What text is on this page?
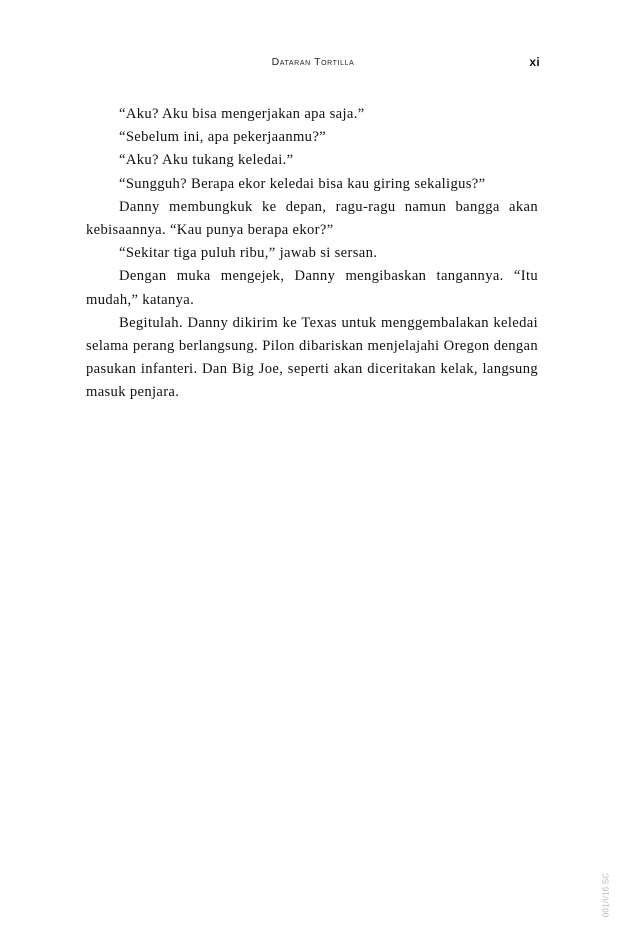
Dataran Tortilla	xi

“Aku? Aku bisa mengerjakan apa saja.”

“Sebelum ini, apa pekerjaanmu?”

“Aku? Aku tukang keledai.”

“Sungguh? Berapa ekor keledai bisa kau giring sekaligus?”

Danny membungkuk ke depan, ragu-ragu namun bangga akan kebisaannya. “Kau punya berapa ekor?”

“Sekitar tiga puluh ribu,” jawab si sersan.

Dengan muka mengejek, Danny mengibaskan tangannya. “Itu mudah,” katanya.

Begitulah. Danny dikirim ke Texas untuk menggembalakan keledai selama perang berlangsung. Pilon dibariskan menjelajahi Oregon dengan pasukan infanteri. Dan Big Joe, seperti akan diceritakan kelak, langsung masuk penjara.

001/I/16 SC
